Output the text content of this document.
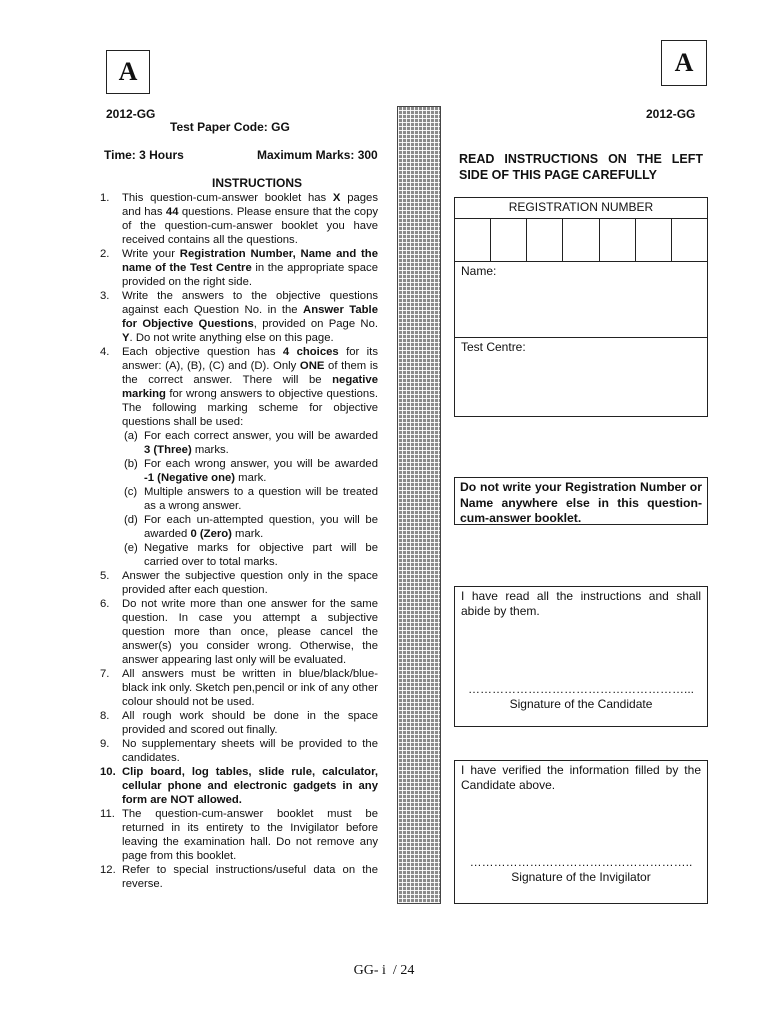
A	A
2012-GG
Test Paper Code: GG
Time: 3 Hours	Maximum Marks: 300
INSTRUCTIONS
1.	This question-cum-answer booklet has X pages and has 44 questions. Please ensure that the copy of the question-cum-answer booklet you have received contains all the questions.
2.	Write your Registration Number, Name and the name of the Test Centre in the appropriate space provided on the right side.
3.	Write the answers to the objective questions against each Question No. in the Answer Table for Objective Questions, provided on Page No. Y. Do not write anything else on this page.
4.	Each objective question has 4 choices for its answer: (A), (B), (C) and (D). Only ONE of them is the correct answer. There will be negative marking for wrong answers to objective questions. The following marking scheme for objective questions shall be used:
(a) For each correct answer, you will be awarded 3 (Three) marks.
(b) For each wrong answer, you will be awarded -1 (Negative one) mark.
(c) Multiple answers to a question will be treated as a wrong answer.
(d) For each un-attempted question, you will be awarded 0 (Zero) mark.
(e) Negative marks for objective part will be carried over to total marks.
5.	Answer the subjective question only in the space provided after each question.
6.	Do not write more than one answer for the same question. In case you attempt a subjective question more than once, please cancel the answer(s) you consider wrong. Otherwise, the answer appearing last only will be evaluated.
7.	All answers must be written in blue/black/blue-black ink only. Sketch pen,pencil or ink of any other colour should not be used.
8.	All rough work should be done in the space provided and scored out finally.
9.	No supplementary sheets will be provided to the candidates.
10. Clip board, log tables, slide rule, calculator, cellular phone and electronic gadgets in any form are NOT allowed.
11. The question-cum-answer booklet must be returned in its entirety to the Invigilator before leaving the examination hall. Do not remove any page from this booklet.
12. Refer to special instructions/useful data on the reverse.
2012-GG
READ INSTRUCTIONS ON THE LEFT SIDE OF THIS PAGE CAREFULLY
REGISTRATION NUMBER
Name:
Test Centre:
Do not write your Registration Number or Name anywhere else in this question-cum-answer booklet.
I have read all the instructions and shall abide by them.
………………………………………………...
Signature of the Candidate
I have verified the information filled by the Candidate above.
………………………………………………..
Signature of the Invigilator
GG- i  / 24
